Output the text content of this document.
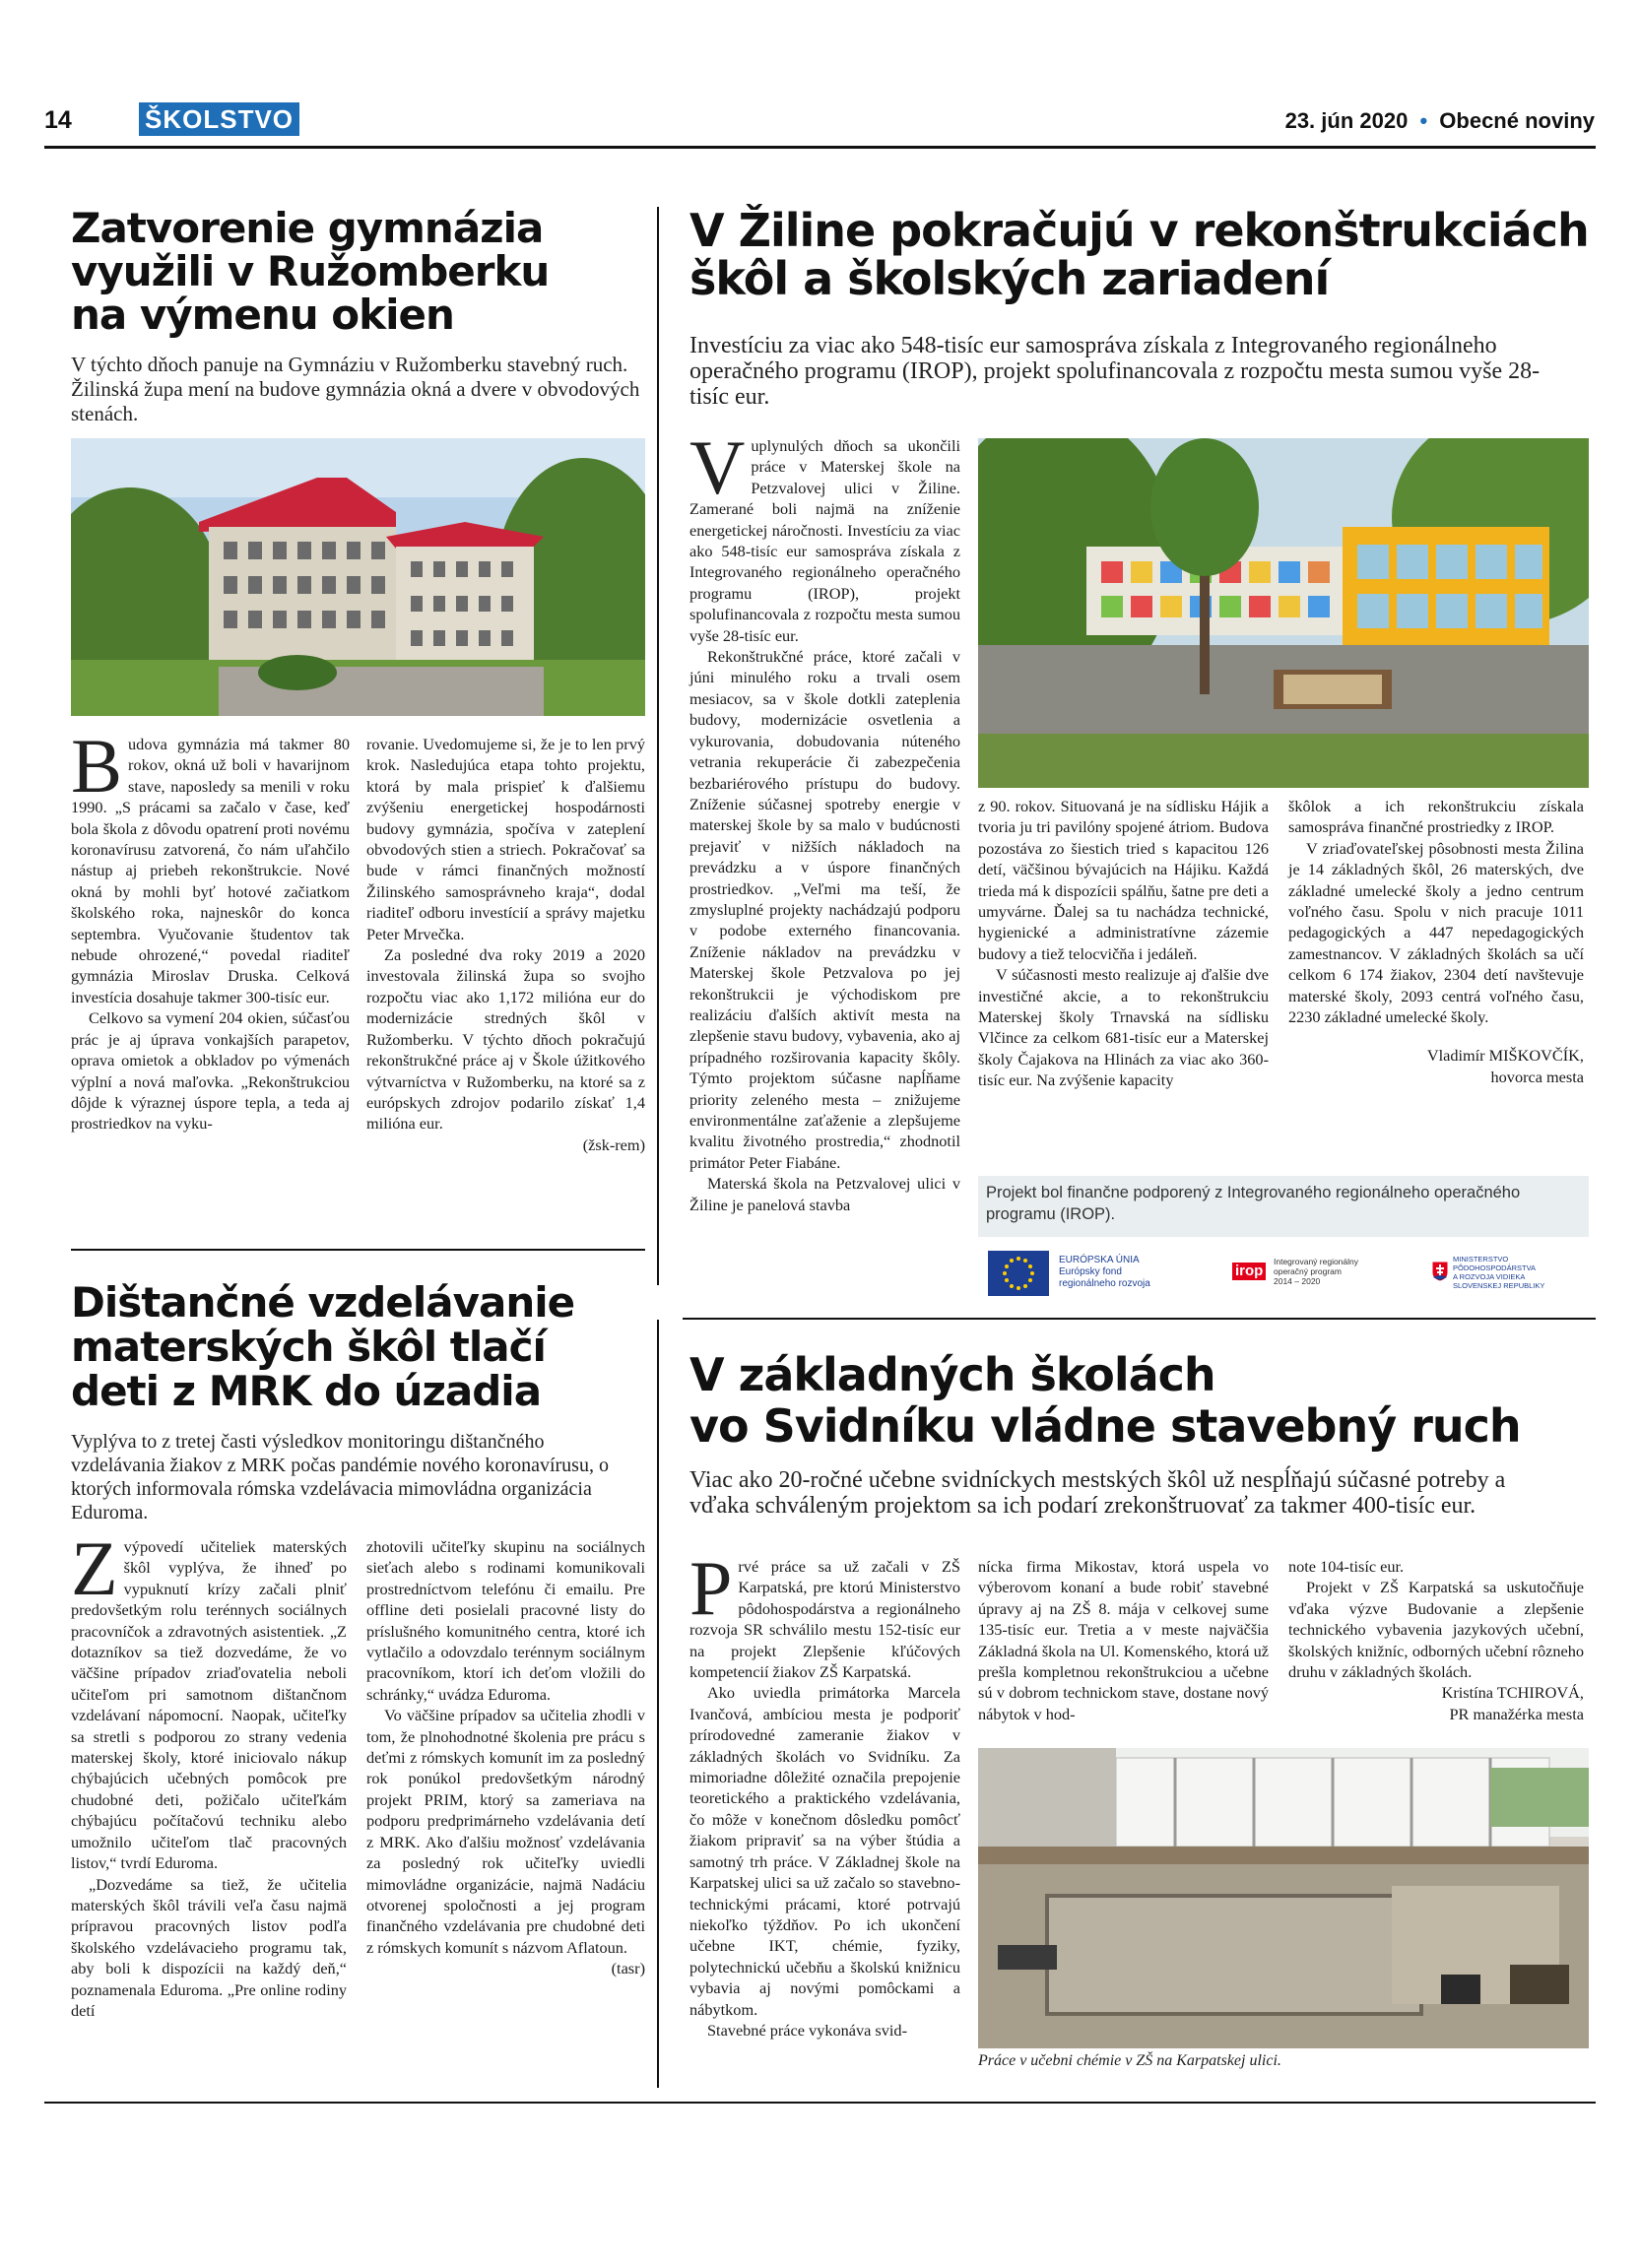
14	ŠKOLSTVO	23. jún 2020 • Obecné noviny
Zatvorenie gymnázia
využili v Ružomberku
na výmenu okien
V týchto dňoch panuje na Gymnáziu v Ružomberku stavebný ruch. Žilinská župa mení na budove gymnázia okná a dvere v obvodových stenách.

Budova gymnázia má takmer 80 rokov, okná už boli v havarijnom stave, naposledy sa menili v roku 1990. „S prácami sa začalo v čase, keď bola škola z dôvodu opatrení proti novému koronavírusu zatvorená, čo nám uľahčilo nástup aj priebeh rekonštrukcie. Nové okná by mohli byť hotové začiatkom školského roka, najneskôr do konca septembra. Vyučovanie študentov tak nebude ohrozené,“ povedal riaditeľ gymnázia Miroslav Druska. Celková investícia dosahuje takmer 300-tisíc eur.

Celkovo sa vymení 204 okien, súčasťou prác je aj úprava vonkajších parapetov, oprava omietok a obkladov po výmenách výplní a nová maľovka. „Rekonštrukciou dôjde k výraznej úspore tepla, a teda aj prostriedkov na vyku-

rovanie. Uvedomujeme si, že je to len prvý krok. Nasledujúca etapa tohto projektu, ktorá by mala prispieť k ďalšiemu zvýšeniu energetickej hospodárnosti budovy gymnázia, spočíva v zateplení obvodových stien a striech. Pokračovať sa bude v rámci finančných možností Žilinského samosprávneho kraja“, dodal riaditeľ odboru investícií a správy majetku Peter Mrvečka.

Za posledné dva roky 2019 a 2020 investovala žilinská župa so svojho rozpočtu viac ako 1,172 milióna eur do modernizácie stredných škôl v Ružomberku. V týchto dňoch pokračujú rekonštrukčné práce aj v Škole úžitkového výtvarníctva v Ružomberku, na ktoré sa z európskych zdrojov podarilo získať 1,4 milióna eur.

(žsk-rem)

V Žiline pokračujú v rekonštrukciách
škôl a školských zariadení
Investíciu za viac ako 548-tisíc eur samospráva získala z Integrovaného regionálneho operačného programu (IROP), projekt spolufinancovala z rozpočtu mesta sumou vyše 28-tisíc eur.

V uplynulých dňoch sa ukončili práce v Materskej škole na Petzvalovej ulici v Žiline. Zamerané boli najmä na zníženie energetickej náročnosti. Investíciu za viac ako 548-tisíc eur samospráva získala z Integrovaného regionálneho operačného programu (IROP), projekt spolufinancovala z rozpočtu mesta sumou vyše 28-tisíc eur.

Rekonštrukčné práce, ktoré začali v júni minulého roku a trvali osem mesiacov, sa v škole dotkli zateplenia budovy, modernizácie osvetlenia a vykurovania, dobudovania núteného vetrania rekuperácie či zabezpečenia bezbariérového prístupu do budovy. Zníženie súčasnej spotreby energie v materskej škole by sa malo v budúcnosti prejaviť v nižších nákladoch na prevádzku a v úspore finančných prostriedkov. „Veľmi ma teší, že zmysluplné projekty nachádzajú podporu v podobe externého financovania. Zníženie nákladov na prevádzku v Materskej škole Petzvalova po jej rekonštrukcii je východiskom pre realizáciu ďalších aktivít mesta na zlepšenie stavu budovy, vybavenia, ako aj prípadného rozširovania kapacity škôly. Týmto projektom súčasne napĺňame priority zeleného mesta – znižujeme environmentálne zaťaženie a zlepšujeme kvalitu životného prostredia,“ zhodnotil primátor Peter Fiabáne.

Materská škola na Petzvalovej ulici v Žiline je panelová stavba

z 90. rokov. Situovaná je na sídlisku Hájik a tvoria ju tri pavilóny spojené átriom. Budova pozostáva zo šiestich tried s kapacitou 126 detí, väčšinou bývajúcich na Hájiku. Každá trieda má k dispozícii spálňu, šatne pre deti a umyvárne. Ďalej sa tu nachádza technické, hygienické a administratívne zázemie budovy a tiež telocvičňa i jedáleň.

V súčasnosti mesto realizuje aj ďalšie dve investičné akcie, a to rekonštrukciu Materskej školy Trnavská na sídlisku Vlčince za celkom 681-tisíc eur a Materskej školy Čajakova na Hlinách za viac ako 360-tisíc eur. Na zvýšenie kapacity

škôlok a ich rekonštrukciu získala samospráva finančné prostriedky z IROP.

V zriaďovateľskej pôsobnosti mesta Žilina je 14 základných škôl, 26 materských, dve základné umelecké školy a jedno centrum voľného času. Spolu v nich pracuje 1011 pedagogických a 447 nepedagogických zamestnancov. V základných školách sa učí celkom 6 174 žiakov, 2304 detí navštevuje materské školy, 2093 centrá voľného času, 2230 základné umelecké školy.

Vladimír MIŠKOVČÍK,

hovorca mesta

Projekt bol finančne podporený z Integrovaného regionálneho operačného programu (IROP).
EURÓPSKA ÚNIA
Európsky fond
regionálneho rozvoja
irop
Integrovaný regionálny
operačný program
2014 – 2020
MINISTERSTVO
PÔDOHOSPODÁRSTVA
A ROZVOJA VIDIEKA
SLOVENSKEJ REPUBLIKY
Dištančné vzdelávanie
materských škôl tlačí
deti z MRK do úzadia
Vyplýva to z tretej časti výsledkov monitoringu dištančného vzdelávania žiakov z MRK počas pandémie nového koronavírusu, o ktorých informovala rómska vzdelávacia mimovládna organizácia Eduroma.

Z výpovedí učiteliek materských škôl vyplýva, že ihneď po vypuknutí krízy začali plniť predovšetkým rolu terénnych sociálnych pracovníčok a zdravotných asistentiek. „Z dotazníkov sa tiež dozvedáme, že vo väčšine prípadov zriaďovatelia neboli učiteľom pri samotnom dištančnom vzdelávaní nápomocní. Naopak, učiteľky sa stretli s podporou zo strany vedenia materskej školy, ktoré iniciovalo nákup chýbajúcich učebných pomôcok pre chudobné deti, požičalo učiteľkám chýbajúcu počítačovú techniku alebo umožnilo učiteľom tlač pracovných listov,“ tvrdí Eduroma.

„Dozvedáme sa tiež, že učitelia materských škôl trávili veľa času najmä prípravou pracovných listov podľa školského vzdelávacieho programu tak, aby boli k dispozícii na každý deň,“ poznamenala Eduroma. „Pre online rodiny detí

zhotovili učiteľky skupinu na sociálnych sieťach alebo s rodinami komunikovali prostredníctvom telefónu či emailu. Pre offline deti posielali pracovné listy do príslušného komunitného centra, ktoré ich vytlačilo a odovzdalo terénnym sociálnym pracovníkom, ktorí ich deťom vložili do schránky,“ uvádza Eduroma.

Vo väčšine prípadov sa učitelia zhodli v tom, že plnohodnotné školenia pre prácu s deťmi z rómskych komunít im za posledný rok ponúkol predovšetkým národný projekt PRIM, ktorý sa zameriava na podporu predprimárneho vzdelávania detí z MRK. Ako ďalšiu možnosť vzdelávania za posledný rok učiteľky uviedli mimovládne organizácie, najmä Nadáciu otvorenej spoločnosti a jej program finančného vzdelávania pre chudobné deti z rómskych komunít s názvom Aflatoun.

(tasr)

V základných školách
vo Svidníku vládne stavebný ruch
Viac ako 20-ročné učebne svidníckych mestských škôl už nespĺňajú súčasné potreby a vďaka schváleným projektom sa ich podarí zrekonštruovať za takmer 400-tisíc eur.

Prvé práce sa už začali v ZŠ Karpatská, pre ktorú Ministerstvo pôdohospodárstva a regionálneho rozvoja SR schválilo mestu 152-tisíc eur na projekt Zlepšenie kľúčových kompetencií žiakov ZŠ Karpatská.

Ako uviedla primátorka Marcela Ivančová, ambíciou mesta je podporiť prírodovedné zameranie žiakov v základných školách vo Svidníku. Za mimoriadne dôležité označila prepojenie teoretického a praktického vzdelávania, čo môže v konečnom dôsledku pomôcť žiakom pripraviť sa na výber štúdia a samotný trh práce. V Základnej škole na Karpatskej ulici sa už začalo so stavebno-technickými prácami, ktoré potrvajú niekoľko týždňov. Po ich ukončení učebne IKT, chémie, fyziky, polytechnickú učebňu a školskú knižnicu vybavia aj novými pomôckami a nábytkom.

Stavebné práce vykonáva svid-

nícka firma Mikostav, ktorá uspela vo výberovom konaní a bude robiť stavebné úpravy aj na ZŠ 8. mája v celkovej sume 135-tisíc eur. Tretia a v meste najväčšia Základná škola na Ul. Komenského, ktorá už prešla kompletnou rekonštrukciou a učebne sú v dobrom technickom stave, dostane nový nábytok v hod-

note 104-tisíc eur.

Projekt v ZŠ Karpatská sa uskutočňuje vďaka výzve Budovanie a zlepšenie technického vybavenia jazykových učební, školských knižníc, odborných učební rôzneho druhu v základných školách.

Kristína TCHIROVÁ,

PR manažérka mesta

Práce v učebni chémie v ZŠ na Karpatskej ulici.
